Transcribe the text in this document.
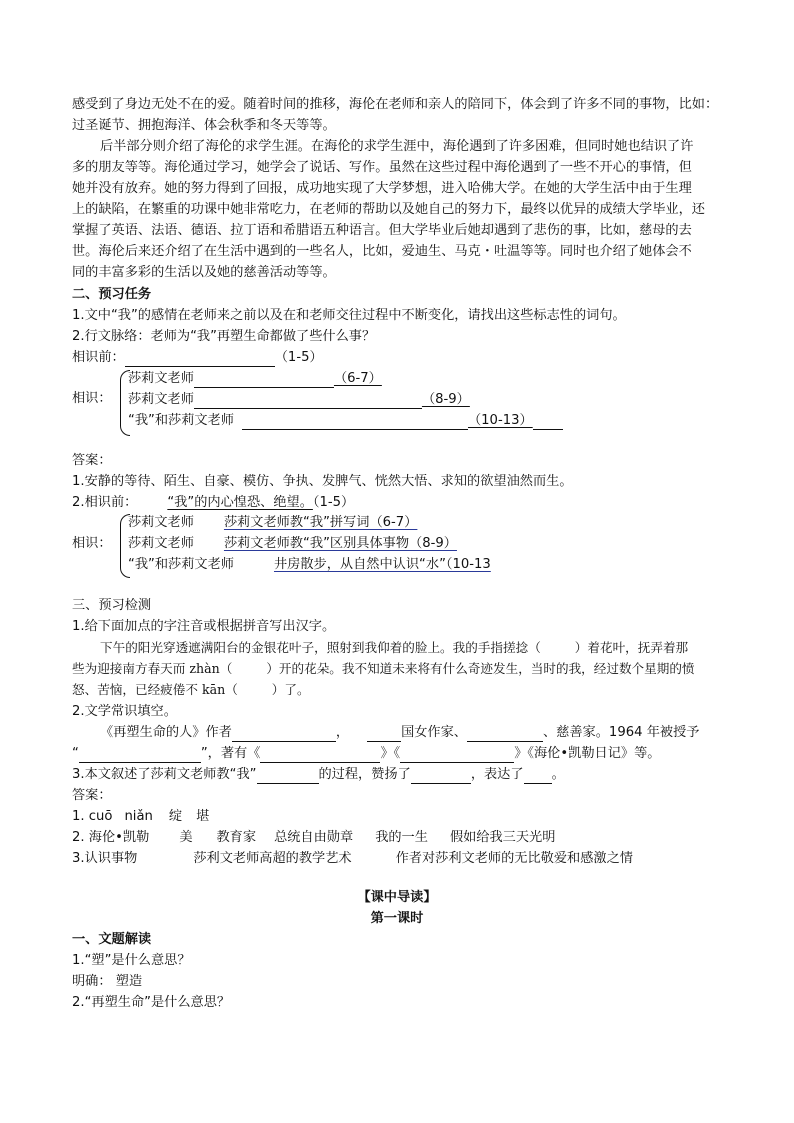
感受到了身边无处不在的爱。随着时间的推移，海伦在老师和亲人的陪同下，体会到了许多不同的事物，比如：
过圣诞节、拥抱海洋、体会秋季和冬天等等。
后半部分则介绍了海伦的求学生涯。在海伦的求学生涯中，海伦遇到了许多困难，但同时她也结识了许
多的朋友等等。海伦通过学习，她学会了说话、写作。虽然在这些过程中海伦遇到了一些不开心的事情，但
她并没有放弃。她的努力得到了回报，成功地实现了大学梦想，进入哈佛大学。在她的大学生活中由于生理
上的缺陷，在繁重的功课中她非常吃力，在老师的帮助以及她自己的努力下，最终以优异的成绩大学毕业，还
掌握了英语、法语、德语、拉丁语和希腊语五种语言。但大学毕业后她却遇到了悲伤的事，比如，慈母的去
世。海伦后来还介绍了在生活中遇到的一些名人，比如，爱迪生、马克・吐温等等。同时也介绍了她体会不
同的丰富多彩的生活以及她的慈善活动等等。
二、预习任务
1.文中“我”的感情在老师来之前以及在和老师交往过程中不断变化，请找出这些标志性的词句。
2.行文脉络：老师为“我”再塑生命都做了些什么事？
相识前：	（1-5）
相识：
莎莉文老师	（6-7）
莎莉文老师	（8-9）
“我”和莎莉文老师	（10-13）
答案：
1.安静的等待、陌生、自豪、模仿、争执、发脾气、恍然大悟、求知的欲望油然而生。
2.相识前： “我”的内心惶恐、绝望。（1-5）
相识：
莎莉文老师 莎莉文老师教“我”拼写词（6-7）
莎莉文老师 莎莉文老师教“我”区别具体事物（8-9）
“我”和莎莉文老师	井房散步，从自然中认识“水”（10-13
三、预习检测
1.给下面加点的字注音或根据拼音写出汉字。
下午的阳光穿透遮满阳台的金银花叶子，照射到我仰着的脸上。我的手指搓捻（	）着花叶，抚弄着那
些为迎接南方春天而 zhàn（	）开的花朵。我不知道未来将有什么奇迹发生，当时的我，经过数个星期的愤
怒、苦恼，已经疲倦不 kān（	）了。
2.文学常识填空。
《再塑生命的人》作者	，	国女作家、	、慈善家。1964 年被授予
“	”，著有《	》《	》《海伦•凯勒日记》等。
3.本文叙述了莎莉文老师教“我”	的过程，赞扬了	，表达了 。
答案：
1. cuō niǎn 绽 堪
2. 海伦•凯勒 美 教育家 总统自由勋章 我的一生 假如给我三天光明
3.认识事物	莎利文老师高超的教学艺术	作者对莎利文老师的无比敬爱和感激之情
【课中导读】
第一课时
一、文题解读
1.“塑”是什么意思？
明确： 塑造
2.“再塑生命”是什么意思？
